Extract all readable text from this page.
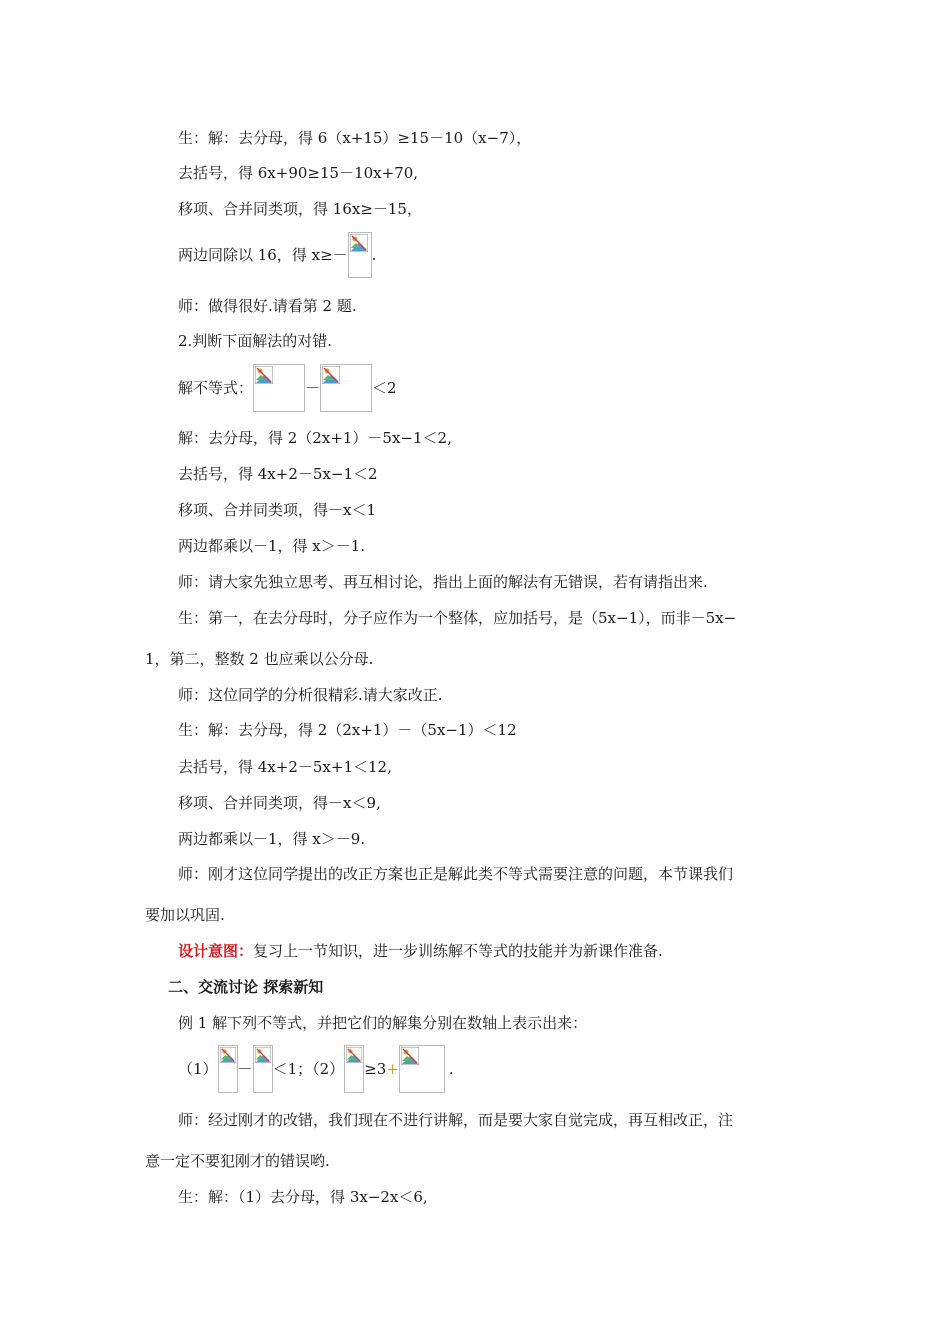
生：解：去分母，得 6（x+15）≥15－10（x−7），
去括号，得 6x+90≥15－10x+70,
移项、合并同类项，得 16x≥－15，
两边同除以 16，得 x≥－ .
师：做得很好.请看第 2 题.
2.判断下面解法的对错.
解不等式：	－	＜2
解：去分母，得 2（2x+1）－5x−1＜2,
去括号，得 4x+2－5x−1＜2
移项、合并同类项，得－x＜1
两边都乘以－1，得 x＞－1.
师：请大家先独立思考、再互相讨论，指出上面的解法有无错误，若有请指出来.
生：第一，在去分母时，分子应作为一个整体，应加括号，是（5x−1），而非－5x−
1，第二，整数 2 也应乘以公分母.
师：这位同学的分析很精彩.请大家改正.
生：解：去分母，得 2（2x+1）－（5x−1）＜12
去括号，得 4x+2－5x+1＜12,
移项、合并同类项，得－x＜9,
两边都乘以－1，得 x＞－9.
师：刚才这位同学提出的改正方案也正是解此类不等式需要注意的问题，本节课我们
要加以巩固.
设计意图：复习上一节知识，进一步训练解不等式的技能并为新课作准备.
二、交流讨论 探索新知
例 1 解下列不等式，并把它们的解集分别在数轴上表示出来：
（1） － ＜1；（2） ≥3 +	.
师：经过刚才的改错，我们现在不进行讲解，而是要大家自觉完成，再互相改正，注
意一定不要犯刚才的错误哟.
生：解：（1）去分母，得 3x−2x＜6,
